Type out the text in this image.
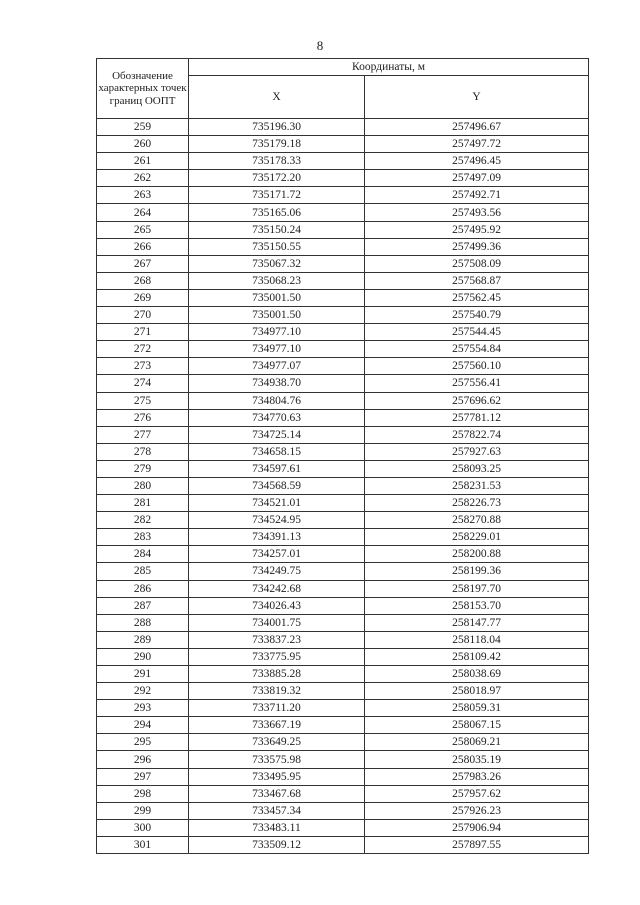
8
Обозначение характерных точек границ ООПТ	Координаты, м	
	X	Y
259	735196.30	257496.67
260	735179.18	257497.72
261	735178.33	257496.45
262	735172.20	257497.09
263	735171.72	257492.71
264	735165.06	257493.56
265	735150.24	257495.92
266	735150.55	257499.36
267	735067.32	257508.09
268	735068.23	257568.87
269	735001.50	257562.45
270	735001.50	257540.79
271	734977.10	257544.45
272	734977.10	257554.84
273	734977.07	257560.10
274	734938.70	257556.41
275	734804.76	257696.62
276	734770.63	257781.12
277	734725.14	257822.74
278	734658.15	257927.63
279	734597.61	258093.25
280	734568.59	258231.53
281	734521.01	258226.73
282	734524.95	258270.88
283	734391.13	258229.01
284	734257.01	258200.88
285	734249.75	258199.36
286	734242.68	258197.70
287	734026.43	258153.70
288	734001.75	258147.77
289	733837.23	258118.04
290	733775.95	258109.42
291	733885.28	258038.69
292	733819.32	258018.97
293	733711.20	258059.31
294	733667.19	258067.15
295	733649.25	258069.21
296	733575.98	258035.19
297	733495.95	257983.26
298	733467.68	257957.62
299	733457.34	257926.23
300	733483.11	257906.94
301	733509.12	257897.55
